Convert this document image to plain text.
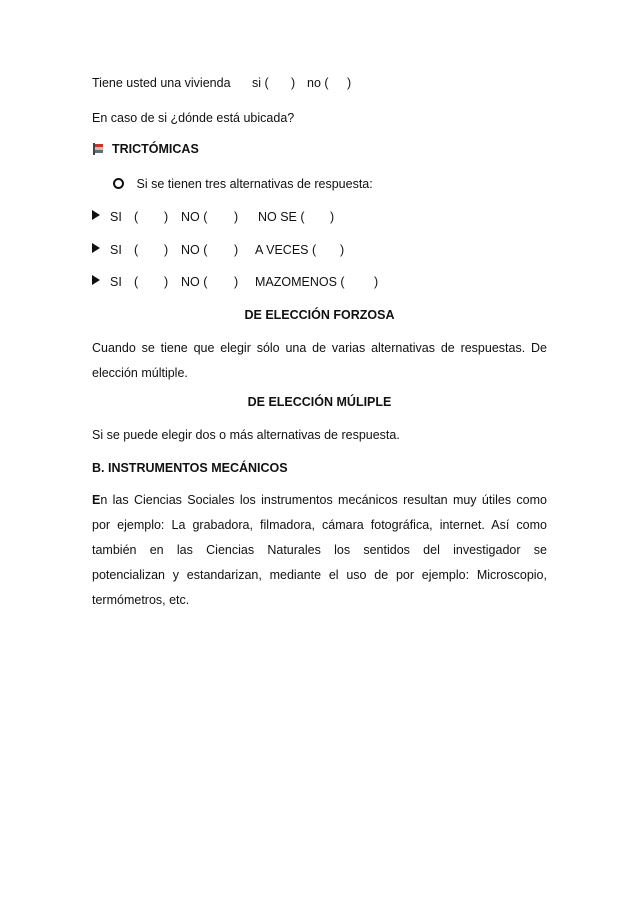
Tiene usted una vivienda si ( ) no ( )
En caso de si ¿dónde está ubicada?
TRICTÓMICAS
Si se tienen tres alternativas de respuesta:
SI ( ) NO ( ) NO SE ( )
SI ( ) NO ( ) A VECES ( )
SI ( ) NO ( ) MAZOMENOS ( )
DE ELECCIÓN FORZOSA
Cuando se tiene que elegir sólo una de varias alternativas de respuestas. De
elección múltiple.
DE ELECCIÓN MÚLIPLE
Si se puede elegir dos o más alternativas de respuesta.
B. INSTRUMENTOS MECÁNICOS
En las Ciencias Sociales los instrumentos mecánicos resultan muy útiles como
por ejemplo: La grabadora, filmadora, cámara fotográfica, internet. Así como
también en las Ciencias Naturales los sentidos del investigador se
potencializan y estandarizan, mediante el uso de por ejemplo: Microscopio,
termómetros, etc.
